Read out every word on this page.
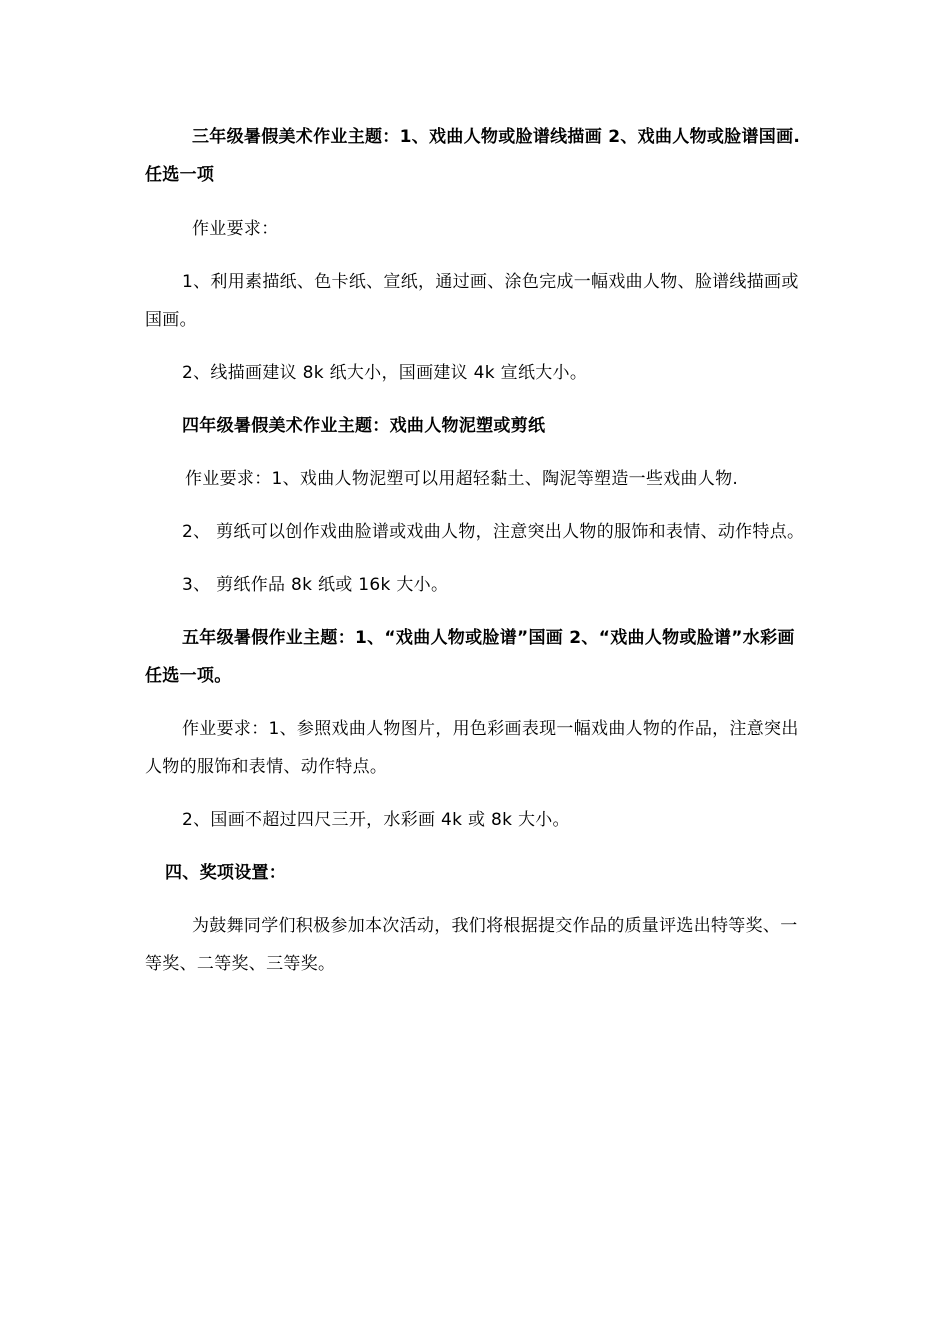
三年级暑假美术作业主题：1、戏曲人物或脸谱线描画 2、戏曲人物或脸谱国画.任选一项

作业要求：

1、利用素描纸、色卡纸、宣纸，通过画、涂色完成一幅戏曲人物、脸谱线描画或国画。

2、线描画建议 8k 纸大小，国画建议 4k 宣纸大小。

四年级暑假美术作业主题：戏曲人物泥塑或剪纸

作业要求：1、戏曲人物泥塑可以用超轻黏土、陶泥等塑造一些戏曲人物.

2、 剪纸可以创作戏曲脸谱或戏曲人物，注意突出人物的服饰和表情、动作特点。

3、 剪纸作品 8k 纸或 16k 大小。

五年级暑假作业主题：1、“戏曲人物或脸谱”国画 2、“戏曲人物或脸谱”水彩画 任选一项。

作业要求：1、参照戏曲人物图片，用色彩画表现一幅戏曲人物的作品，注意突出人物的服饰和表情、动作特点。

2、国画不超过四尺三开，水彩画 4k 或 8k 大小。

四、奖项设置：

为鼓舞同学们积极参加本次活动，我们将根据提交作品的质量评选出特等奖、一等奖、二等奖、三等奖。
